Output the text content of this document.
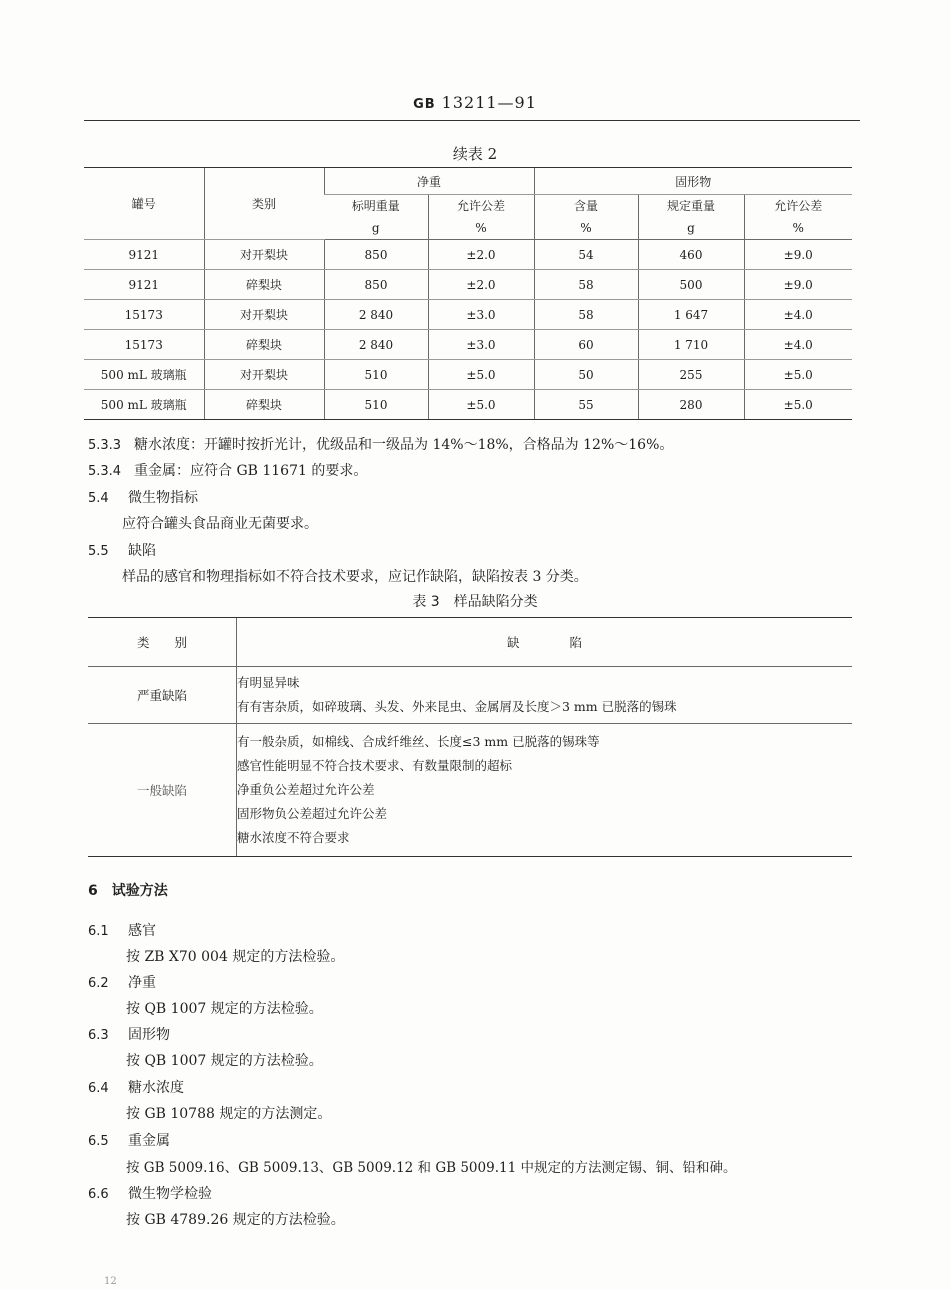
GB 13211—91
续表 2
罐号	类别	净重		固形物		
		标明重量	允许公差	含量	规定重量	允许公差
		g	%	%	g	%
9121	对开梨块	850	±2.0	54	460	±9.0
9121	碎梨块	850	±2.0	58	500	±9.0
15173	对开梨块	2 840	±3.0	58	1 647	±4.0
15173	碎梨块	2 840	±3.0	60	1 710	±4.0
500 mL 玻璃瓶	对开梨块	510	±5.0	50	255	±5.0
500 mL 玻璃瓶	碎梨块	510	±5.0	55	280	±5.0
5.3.3 糖水浓度：开罐时按折光计，优级品和一级品为 14%～18%，合格品为 12%～16%。
5.3.4 重金属：应符合 GB 11671 的要求。
5.4 微生物指标
应符合罐头食品商业无菌要求。
5.5 缺陷
样品的感官和物理指标如不符合技术要求，应记作缺陷，缺陷按表 3 分类。
表 3　样品缺陷分类
类　　别	缺　　　　陷
严重缺陷	有明显异味
有有害杂质，如碎玻璃、头发、外来昆虫、金属屑及长度＞3 mm 已脱落的锡珠

一般缺陷	有一般杂质，如棉线、合成纤维丝、长度≤3 mm 已脱落的锡珠等
感官性能明显不符合技术要求、有数量限制的超标
净重负公差超过允许公差
固形物负公差超过允许公差
糖水浓度不符合要求
6 试验方法
6.1 感官
按 ZB X70 004 规定的方法检验。
6.2 净重
按 QB 1007 规定的方法检验。
6.3 固形物
按 QB 1007 规定的方法检验。
6.4 糖水浓度
按 GB 10788 规定的方法测定。
6.5 重金属
按 GB 5009.16、GB 5009.13、GB 5009.12 和 GB 5009.11 中规定的方法测定锡、铜、铅和砷。
6.6 微生物学检验
按 GB 4789.26 规定的方法检验。
12
